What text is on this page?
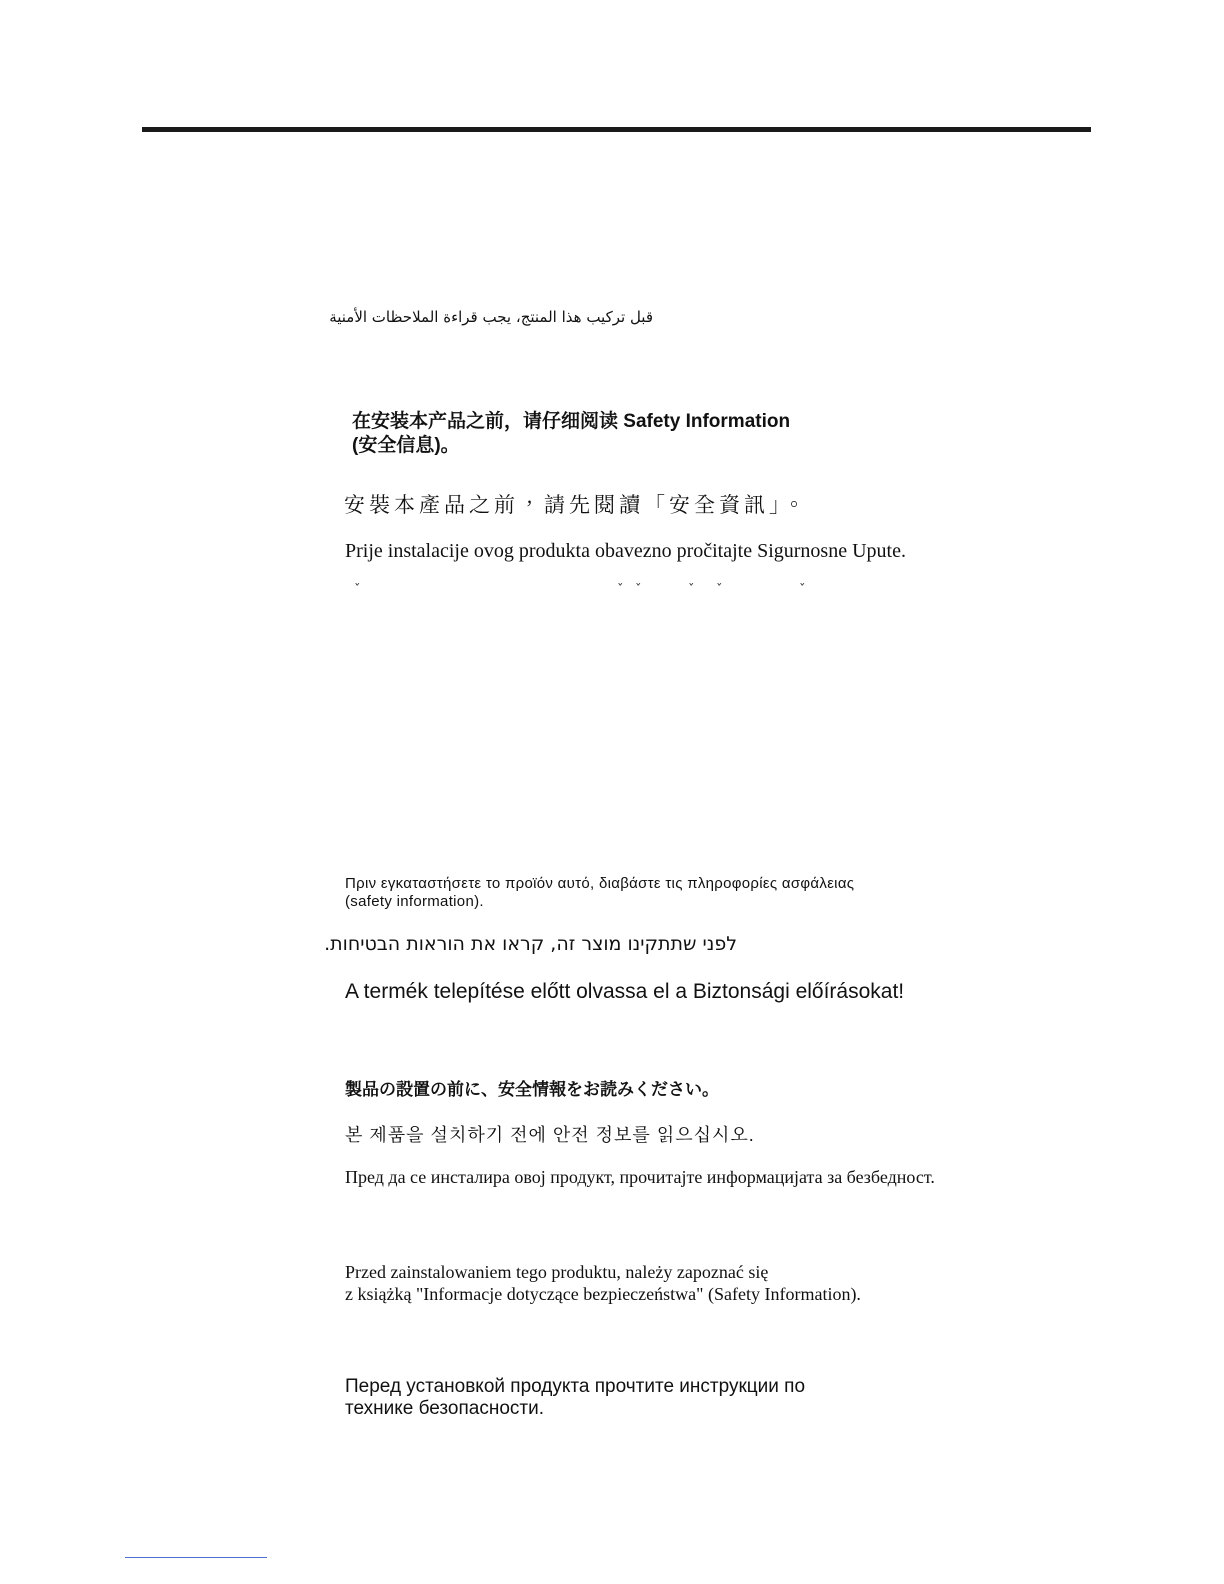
قبل تركيب هذا المنتج، يجب قراءة الملاحظات الأمنية

在安装本产品之前，请仔细阅读 Safety Information
(安全信息)。

安裝本產品之前，請先閱讀「安全資訊」。

Prije instalacije ovog produkta obavezno pročitajte Sigurnosne Upute.

ˇ	ˇ ˇ	ˇ ˇ	ˇ
Πριν εγκαταστήσετε το προϊόν αυτό, διαβάστε τις πληροφορίες ασφάλειας
(safety information).

לפני שתתקינו מוצר זה, קראו את הוראות הבטיחות.

A termék telepítése előtt olvassa el a Biztonsági előírásokat!

製品の設置の前に、安全情報をお読みください。

본 제품을 설치하기 전에 안전 정보를 읽으십시오.

Пред да се инсталира овој продукт, прочитајте информацијата за безбедност.

Przed zainstalowaniem tego produktu, należy zapoznać się
z książką "Informacje dotyczące bezpieczeństwa" (Safety Information).
Перед установкой продукта прочтите инструкции по
технике безопасности.
